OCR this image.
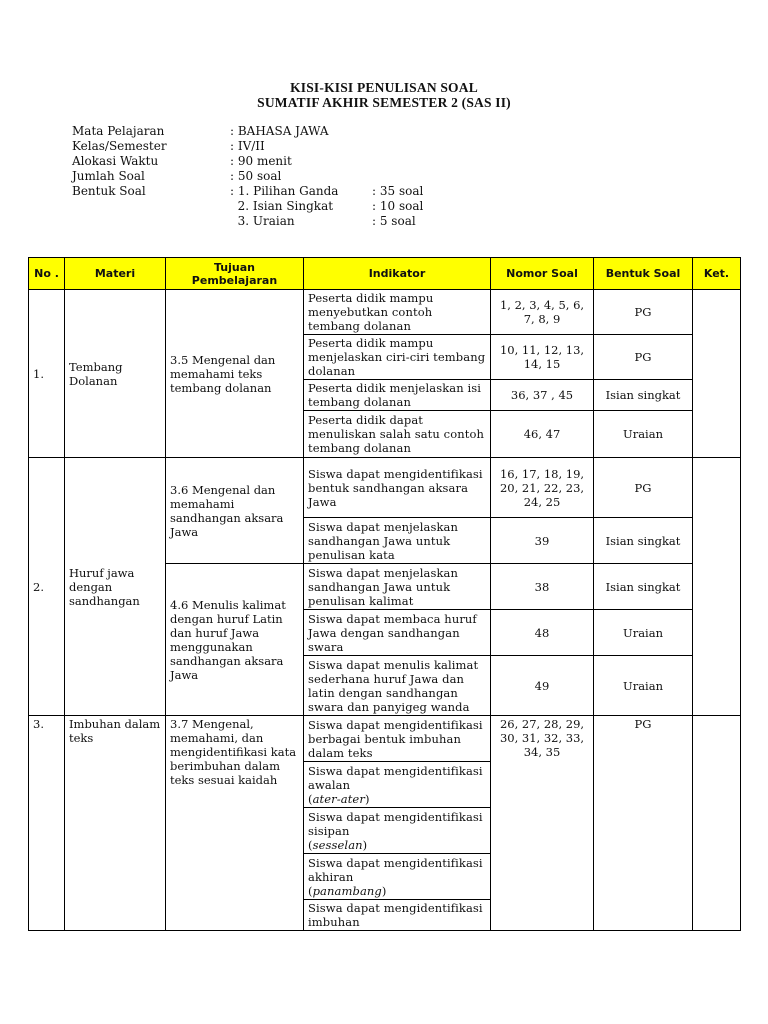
KISI-KISI PENULISAN SOAL
SUMATIF AKHIR SEMESTER 2 (SAS II)
Mata Pelajaran	: BAHASA JAWA
Kelas/Semester	: IV/II
Alokasi Waktu	: 90 menit
Jumlah Soal	: 50 soal
Bentuk Soal	: 1. Pilihan Ganda	: 35 soal
2. Isian Singkat	: 10 soal
3. Uraian	: 5 soal
No .	Materi	Tujuan Pembelajaran	Indikator	Nomor Soal	Bentuk Soal	Ket.
1.	Tembang Dolanan	3.5 Mengenal dan memahami teks tembang dolanan	Peserta didik mampu menyebutkan contoh tembang dolanan	1, 2, 3, 4, 5, 6, 7, 8, 9	PG	
			Peserta didik mampu menjelaskan ciri-ciri tembang dolanan	10, 11, 12, 13, 14, 15	PG	
			Peserta didik menjelaskan isi tembang dolanan	36, 37 , 45	Isian singkat	
			Peserta didik dapat menuliskan salah satu contoh tembang dolanan	46, 47	Uraian	
2.	Huruf jawa dengan sandhangan	3.6 Mengenal dan memahami sandhangan aksara Jawa	Siswa dapat mengidentifikasi bentuk sandhangan aksara Jawa	16, 17, 18, 19, 20, 21, 22, 23, 24, 25	PG	
			Siswa dapat menjelaskan sandhangan Jawa untuk penulisan kata	39	Isian singkat	
		4.6 Menulis kalimat dengan huruf Latin dan huruf Jawa menggunakan sandhangan aksara Jawa	Siswa dapat menjelaskan sandhangan Jawa untuk penulisan kalimat	38	Isian singkat	
			Siswa dapat membaca huruf Jawa dengan sandhangan swara	48	Uraian	
			Siswa dapat menulis kalimat sederhana huruf Jawa dan latin dengan sandhangan swara dan panyigeg wanda	49	Uraian	
3.	Imbuhan dalam teks	3.7 Mengenal, memahami, dan mengidentifikasi kata berimbuhan dalam teks sesuai kaidah	Siswa dapat mengidentifikasi berbagai bentuk imbuhan dalam teks	26, 27, 28, 29, 30, 31, 32, 33, 34, 35	PG	
			Siswa dapat mengidentifikasi awalan
(ater-ater)			
			Siswa dapat mengidentifikasi sisipan
(sesselan)			
			Siswa dapat mengidentifikasi akhiran
(panambang)			
			Siswa dapat mengidentifikasi imbuhan			
